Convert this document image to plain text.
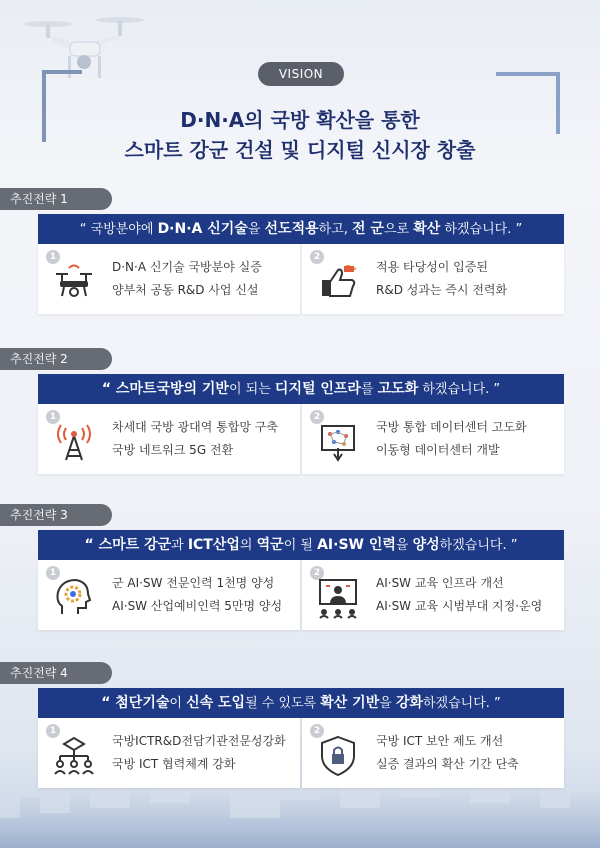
VISION
D·N·A의 국방 확산을 통한
스마트 강군 건설 및 디지털 신시장 창출
추진전략 1
“ 국방분야에 D·N·A 신기술을 선도적용하고, 전 군으로 확산 하겠습니다. ”
1
D·N·A 신기술 국방분야 실증
양부처 공동 R&D 사업 신설
2
적용 타당성이 입증된
R&D 성과는 즉시 전력화
추진전략 2
“ 스마트국방의 기반이 되는 디지털 인프라를 고도화 하겠습니다. ”
1
차세대 국방 광대역 통합망 구축
국방 네트워크 5G 전환
2
국방 통합 데이터센터 고도화
이동형 데이터센터 개발
추진전략 3
“ 스마트 강군과 ICT산업의 역군이 될 AI·SW 인력을 양성하겠습니다. ”
1
군 AI·SW 전문인력 1천명 양성
AI·SW 산업예비인력 5만명 양성
2
AI·SW 교육 인프라 개선
AI·SW 교육 시범부대 지정·운영
추진전략 4
“ 첨단기술이 신속 도입될 수 있도록 확산 기반을 강화하겠습니다. ”
1
국방ICTR&D전담기관전문성강화
국방 ICT 협력체계 강화
2
국방 ICT 보안 제도 개선
실증 결과의 확산 기간 단축
